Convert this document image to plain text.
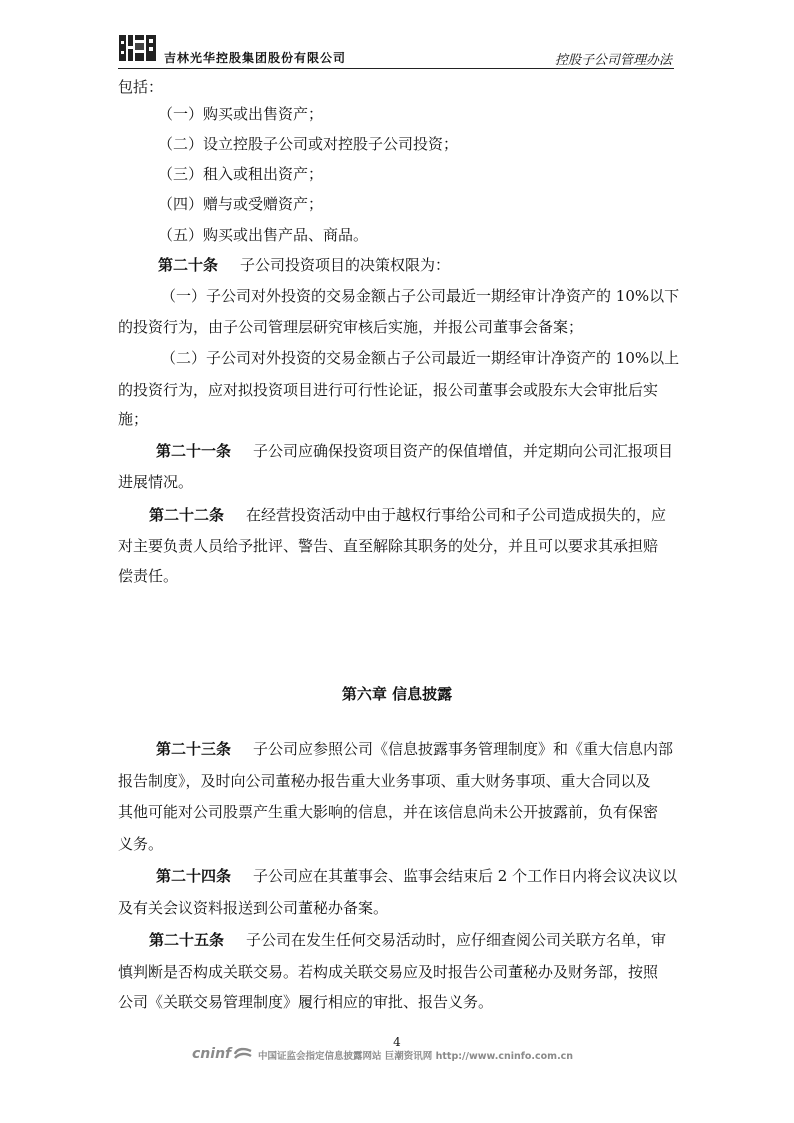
吉林光华控股集团股份有限公司	控股子公司管理办法
包括：
（一）购买或出售资产；
（二）设立控股子公司或对控股子公司投资；
（三）租入或租出资产；
（四）赠与或受赠资产；
（五）购买或出售产品、商品。
第二十条 子公司投资项目的决策权限为：
（一）子公司对外投资的交易金额占子公司最近一期经审计净资产的 10%以下
的投资行为，由子公司管理层研究审核后实施，并报公司董事会备案；
（二）子公司对外投资的交易金额占子公司最近一期经审计净资产的 10%以上
的投资行为，应对拟投资项目进行可行性论证，报公司董事会或股东大会审批后实
施；
第二十一条 子公司应确保投资项目资产的保值增值，并定期向公司汇报项目
进展情况。
第二十二条 在经营投资活动中由于越权行事给公司和子公司造成损失的，应
对主要负责人员给予批评、警告、直至解除其职务的处分，并且可以要求其承担赔
偿责任。
第六章 信息披露
第二十三条 子公司应参照公司《信息披露事务管理制度》和《重大信息内部
报告制度》，及时向公司董秘办报告重大业务事项、重大财务事项、重大合同以及
其他可能对公司股票产生重大影响的信息，并在该信息尚未公开披露前，负有保密
义务。
第二十四条 子公司应在其董事会、监事会结束后 2 个工作日内将会议决议以
及有关会议资料报送到公司董秘办备案。
第二十五条 子公司在发生任何交易活动时，应仔细查阅公司关联方名单，审
慎判断是否构成关联交易。若构成关联交易应及时报告公司董秘办及财务部，按照
公司《关联交易管理制度》履行相应的审批、报告义务。
4
cninf	中国证监会指定信息披露网站 巨潮资讯网 http://www.cninfo.com.cn
